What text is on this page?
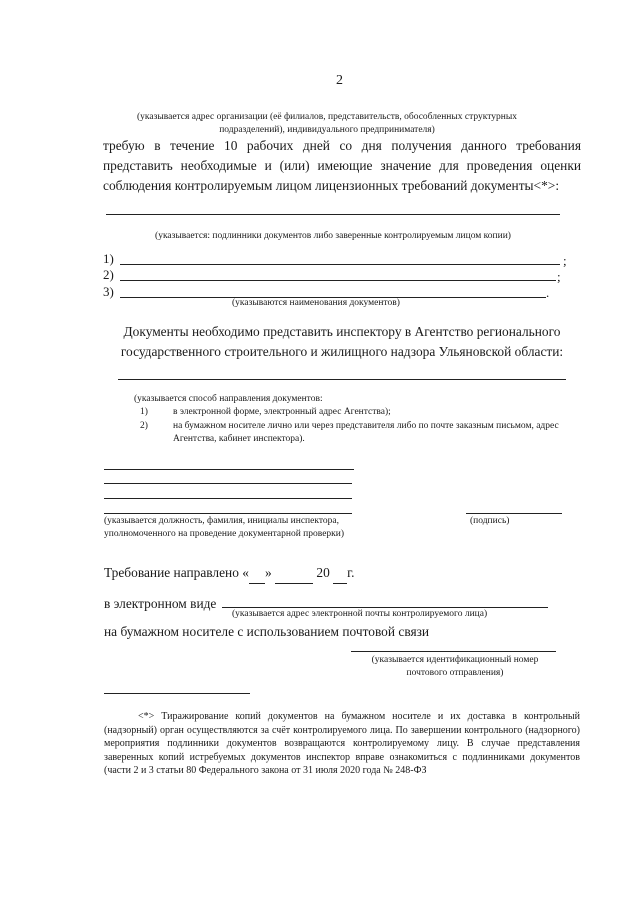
2
(указывается адрес организации (её филиалов, представительств, обособленных структурных подразделений), индивидуального предпринимателя)
требую в течение 10 рабочих дней со дня получения данного требования
представить необходимые и (или) имеющие значение для проведения оценки
соблюдения контролируемым лицом лицензионных требований документы<*>:
(указывается: подлинники документов либо заверенные контролируемым лицом копии)
1)	;
2)	;
3)	.
(указываются наименования документов)
Документы необходимо представить инспектору в Агентство регионального
государственного строительного и жилищного надзора Ульяновской области:
(указывается способ направления документов:
1)	в электронной форме, электронный адрес Агентства);
2)	на бумажном носителе лично или через представителя либо по почте заказным письмом, адрес Агентства, кабинет инспектора).
(указывается должность, фамилия, инициалы инспектора, уполномоченного на проведение документарной проверки)
(подпись)
Требование направлено « »	20 г.
в электронном виде
(указывается адрес электронной почты контролируемого лица)
на бумажном носителе с использованием почтовой связи
(указывается идентификационный номер почтового отправления)
<*> Тиражирование копий документов на бумажном носителе и их доставка в контрольный (надзорный) орган осуществляются за счёт контролируемого лица. По завершении контрольного (надзорного) мероприятия подлинники документов возвращаются контролируемому лицу. В случае представления заверенных копий истребуемых документов инспектор вправе ознакомиться с подлинниками документов (части 2 и 3 статьи 80 Федерального закона от 31 июля 2020 года № 248-ФЗ
